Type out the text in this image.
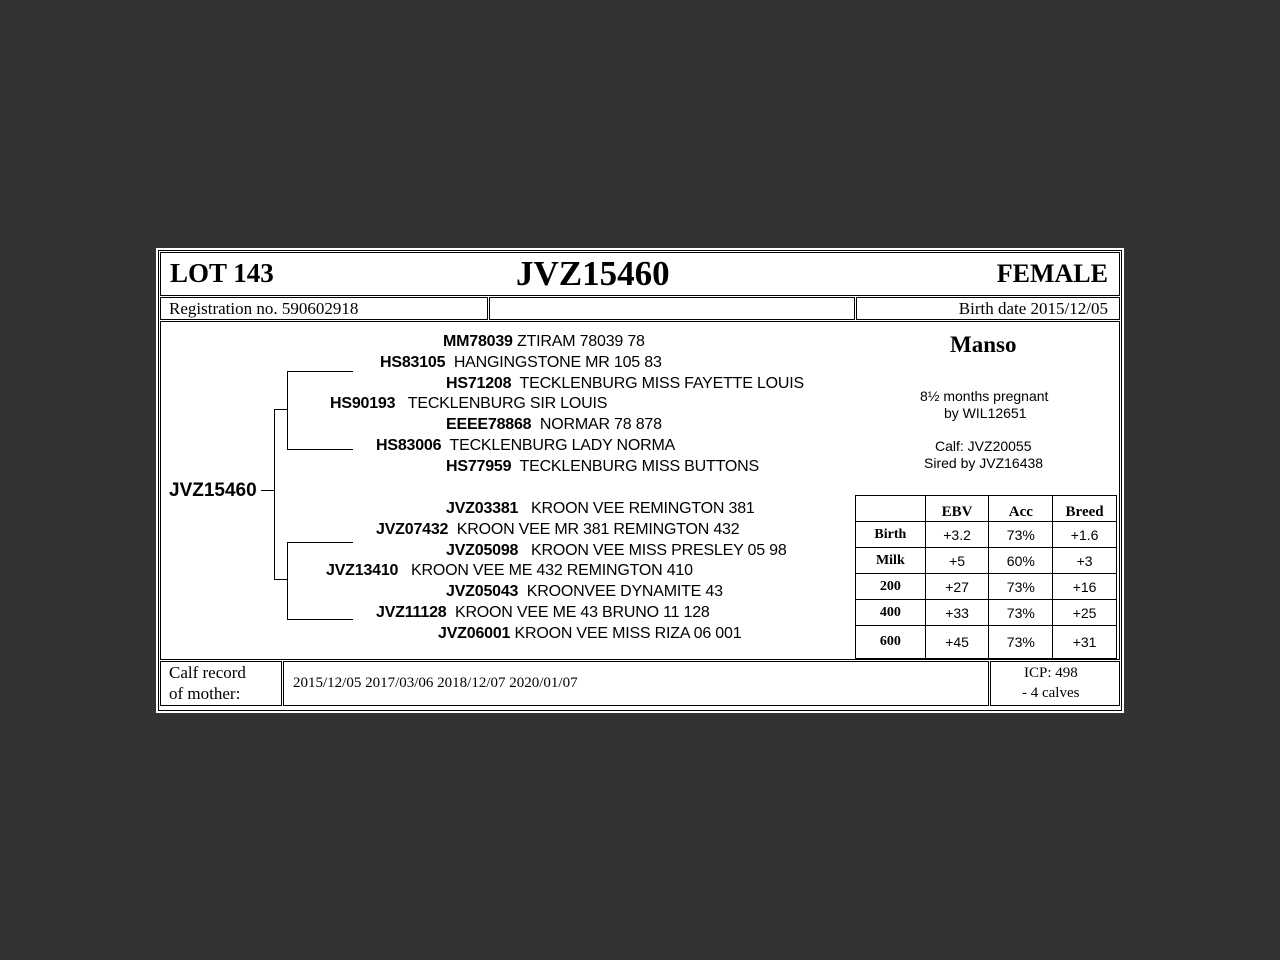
LOT 143	JVZ15460	FEMALE
Registration no. 590602918	Birth date 2015/12/05
JVZ15460
MM78039 ZTIRAM 78039 78
HS83105 HANGINGSTONE MR 105 83
HS71208 TECKLENBURG MISS FAYETTE LOUIS
HS90193 TECKLENBURG SIR LOUIS
EEEE78868 NORMAR 78 878
HS83006 TECKLENBURG LADY NORMA
HS77959 TECKLENBURG MISS BUTTONS
JVZ03381 KROON VEE REMINGTON 381
JVZ07432 KROON VEE MR 381 REMINGTON 432
JVZ05098 KROON VEE MISS PRESLEY 05 98
JVZ13410 KROON VEE ME 432 REMINGTON 410
JVZ05043 KROONVEE DYNAMITE 43
JVZ11128 KROON VEE ME 43 BRUNO 11 128
JVZ06001 KROON VEE MISS RIZA 06 001
Manso
8½ months pregnant
by WIL12651
Calf: JVZ20055
Sired by JVZ16438
	EBV	Acc	Breed
Birth	+3.2	73%	+1.6
Milk	+5	60%	+3
200	+27	73%	+16
400	+33	73%	+25
600	+45	73%	+31
Calf record
of mother:
2015/12/05 2017/03/06 2018/12/07 2020/01/07
ICP: 498
- 4 calves
